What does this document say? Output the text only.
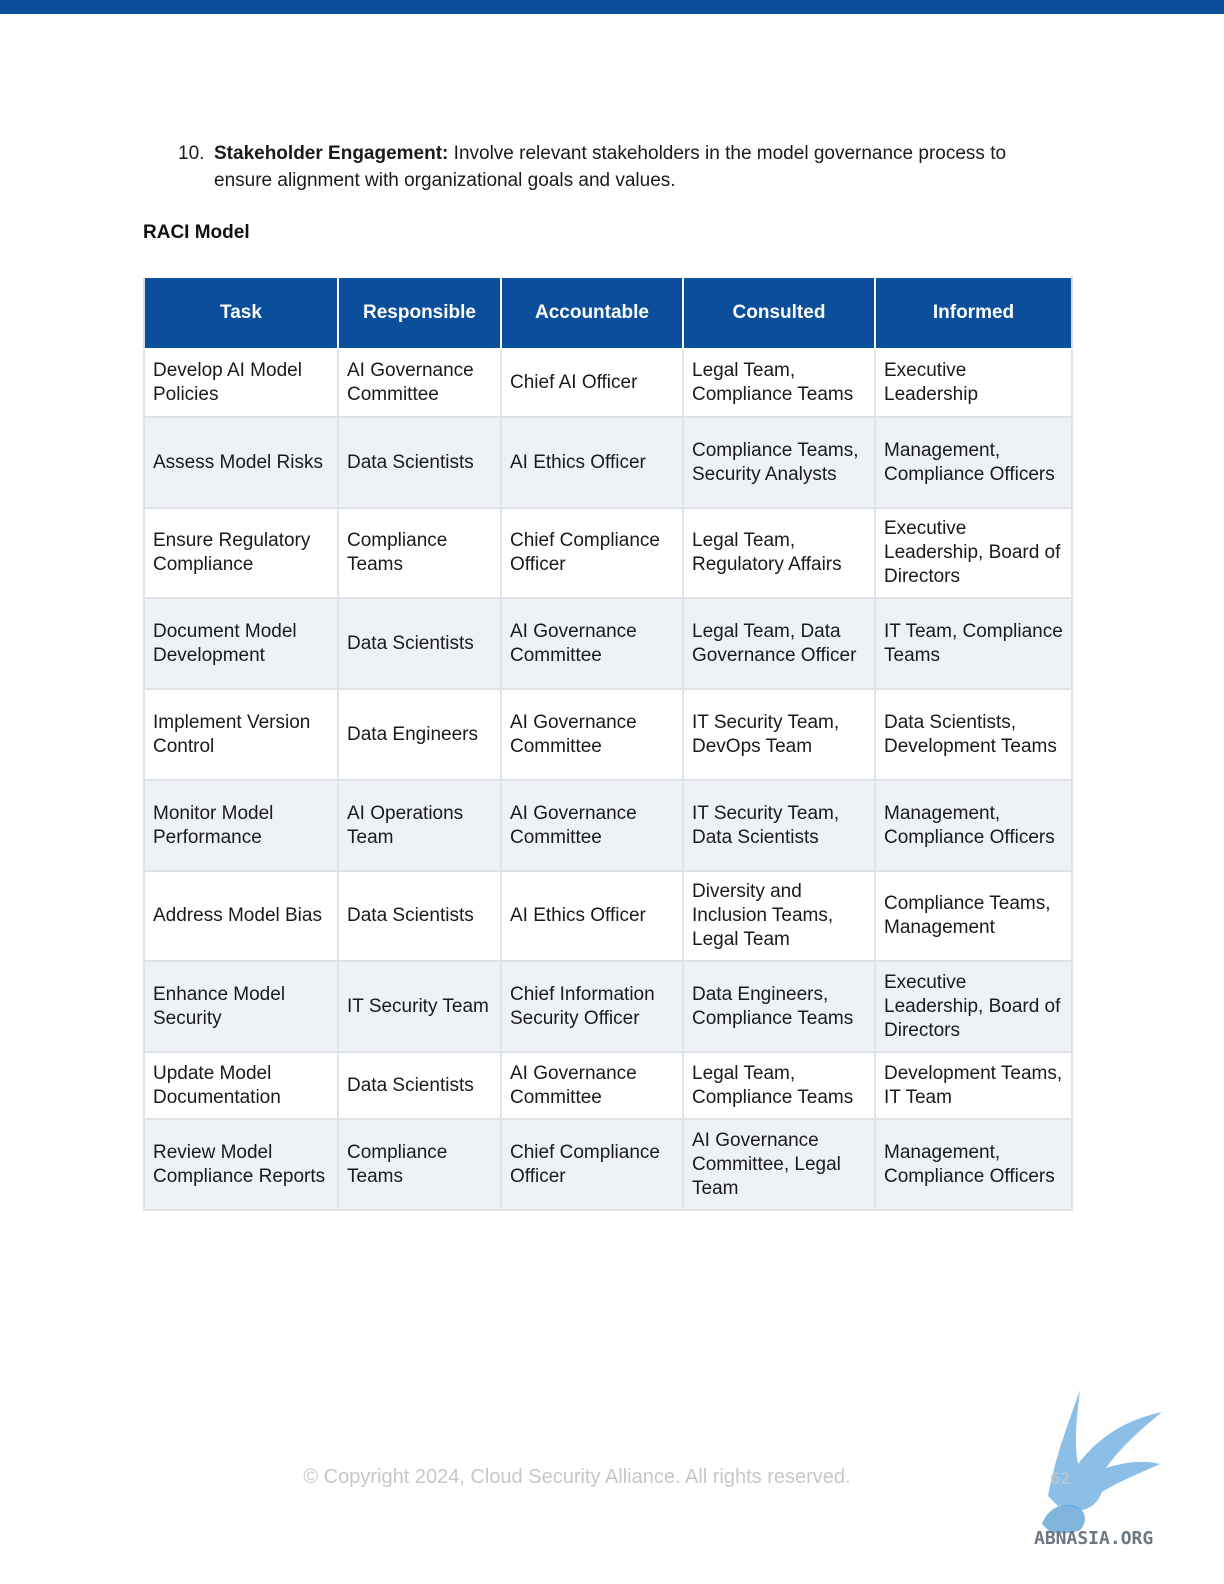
10. Stakeholder Engagement: Involve relevant stakeholders in the model governance process to ensure alignment with organizational goals and values.
RACI Model
Task	Responsible	Accountable	Consulted	Informed
Develop AI Model Policies	AI Governance Committee	Chief AI Officer	Legal Team, Compliance Teams	Executive Leadership
Assess Model Risks	Data Scientists	AI Ethics Officer	Compliance Teams, Security Analysts	Management, Compliance Officers
Ensure Regulatory Compliance	Compliance Teams	Chief Compliance Officer	Legal Team, Regulatory Affairs	Executive Leadership, Board of Directors
Document Model Development	Data Scientists	AI Governance Committee	Legal Team, Data Governance Officer	IT Team, Compliance Teams
Implement Version Control	Data Engineers	AI Governance Committee	IT Security Team, DevOps Team	Data Scientists, Development Teams
Monitor Model Performance	AI Operations Team	AI Governance Committee	IT Security Team, Data Scientists	Management, Compliance Officers
Address Model Bias	Data Scientists	AI Ethics Officer	Diversity and Inclusion Teams, Legal Team	Compliance Teams, Management
Enhance Model Security	IT Security Team	Chief Information Security Officer	Data Engineers, Compliance Teams	Executive Leadership, Board of Directors
Update Model Documentation	Data Scientists	AI Governance Committee	Legal Team, Compliance Teams	Development Teams, IT Team
Review Model Compliance Reports	Compliance Teams	Chief Compliance Officer	AI Governance Committee, Legal Team	Management, Compliance Officers
© Copyright 2024, Cloud Security Alliance. All rights reserved.
ABNASIA.ORG
62
